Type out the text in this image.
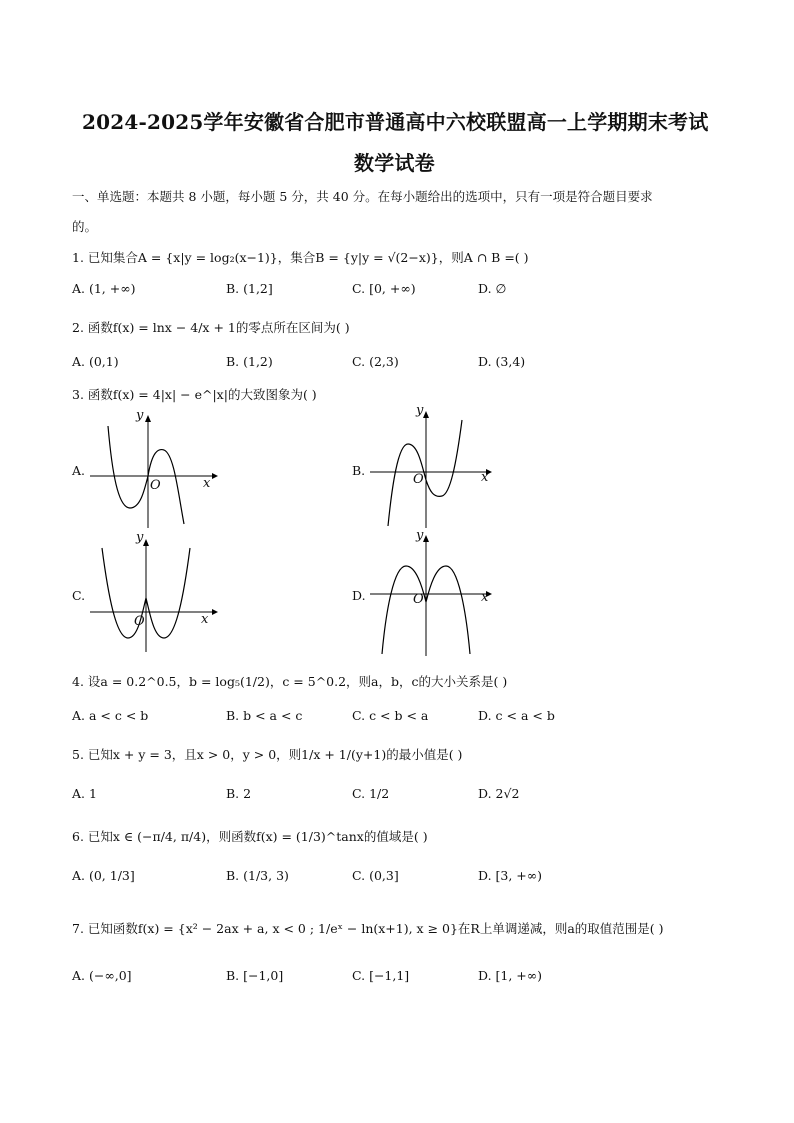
2024-2025学年安徽省合肥市普通高中六校联盟高一上学期期末考试
数学试卷
一、单选题：本题共 8 小题，每小题 5 分，共 40 分。在每小题给出的选项中，只有一项是符合题目要求
的。
1. 已知集合A = {x|y = log₂(x−1)}，集合B = {y|y = √(2−x)}，则A ∩ B =( )
A. (1, +∞)	B. (1,2]	C. [0, +∞)	D. ∅
2. 函数f(x) = lnx − 4/x + 1的零点所在区间为( )
A. (0,1)	B. (1,2)	C. (2,3)	D. (3,4)
3. 函数f(x) = 4|x| − e^|x|的大致图象为( )
A.	B.
C.	D.
y
x
O
y
x
O
y
x
O
y
x
O
4. 设a = 0.2^0.5，b = log₅(1/2)，c = 5^0.2，则a，b，c的大小关系是( )
A. a < c < b	B. b < a < c	C. c < b < a	D. c < a < b
5. 已知x + y = 3，且x > 0，y > 0，则1/x + 1/(y+1)的最小值是( )
A. 1	B. 2	C. 1/2	D. 2√2
6. 已知x ∈ (−π/4, π/4)，则函数f(x) = (1/3)^tanx的值域是( )
A. (0, 1/3]	B. (1/3, 3)	C. (0,3]	D. [3, +∞)
7. 已知函数f(x) = {x² − 2ax + a, x < 0 ; 1/eˣ − ln(x+1), x ≥ 0}在R上单调递减，则a的取值范围是( )
A. (−∞,0]	B. [−1,0]	C. [−1,1]	D. [1, +∞)
